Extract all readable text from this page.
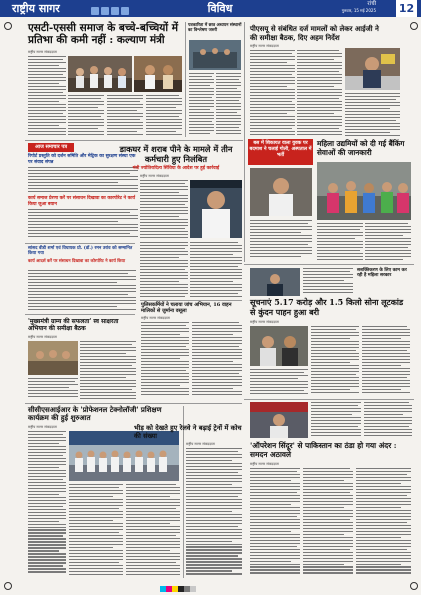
राष्ट्रीय सागर	विविध	रांची
गुरुवार, 15 मई 2025 12
एसटी-एससी समाज के बच्चे-बच्चियों में प्रतिभा की कमी नहीं : कल्याण मंत्री
राष्ट्रीय सागर संवाददाता
पत्रकारिता में छात्र अध्ययन संस्थानों का विश्लेषण जरुरी	पीएसयू से संबंधित दर्ज मामलों को लेकर आईजी ने की समीक्षा बैठक, दिए अहम निर्देश
राष्ट्रीय सागर संवाददाता
आज समाचार पत्र
रिपोर्ट प्रस्तुति को दर्शन समिति और मेट्रिक का सुरक्षण संस्था एक पर संवाद संपन्न
कार्य समाज प्रेरणा करें पर संसाधन दिखावा का कारपोरेट ने कार्य किया जुआ बयान
डाकघर में शराब पीने के मामले में तीन कर्मचारी हुए निलंबित
मंत्री ज्योतिरादित्य सिंधिया के आदेश पर हुई कार्रवाई
राष्ट्रीय सागर संवाददाता
बस में शिकायत वाला युवक पर बदमाश ने चलाई गोली, अस्पताल में भर्ती
महिला उद्यमियों को दी गई बैंकिंग सेवाओं की जानकारी
सांसद वीडी शर्मा एवं विधायक प्रो. (डॉ.) रमन उरांव को सम्मानित किया गया
कार्य आदर्श करें पर संसाधन दिखावा का कोरपोरेट ने कार्य किया
'मुख्यमंत्री ग्राम्य की सफलता' स्व साक्षरता अभियान की समीक्षा बैठक
राष्ट्रीय सागर संवाददाता
पुलिसकर्मियों ने चलाया जांच अभियान, 16 वाहन मालिकों से जुर्माना वसूला
राष्ट्रीय सागर संवाददाता
सूचनाएं 5.17 करोड़ और 1.5 किलो सोना लूटकांड से कुंदन पाहन हुआ बरी
सशक्तिकरण के लिए काम कर रही है महिला सरकार
राष्ट्रीय सागर संवाददाता
सीसीएसआईआर के 'प्रोफेशनल टेक्नोलॉजी' प्रशिक्षण कार्यक्रम की हुई शुरुआत
राष्ट्रीय सागर संवाददाता	भीड़ को देखते हुए रेलवे ने बढ़ाई ट्रेनों में कोच की संख्या
राष्ट्रीय सागर संवाददाता	'ऑपरेशन सिंदूर' से पाकिस्तान का ठंडा हो गया अंदर : समदन अठावले
राष्ट्रीय सागर संवाददाता
